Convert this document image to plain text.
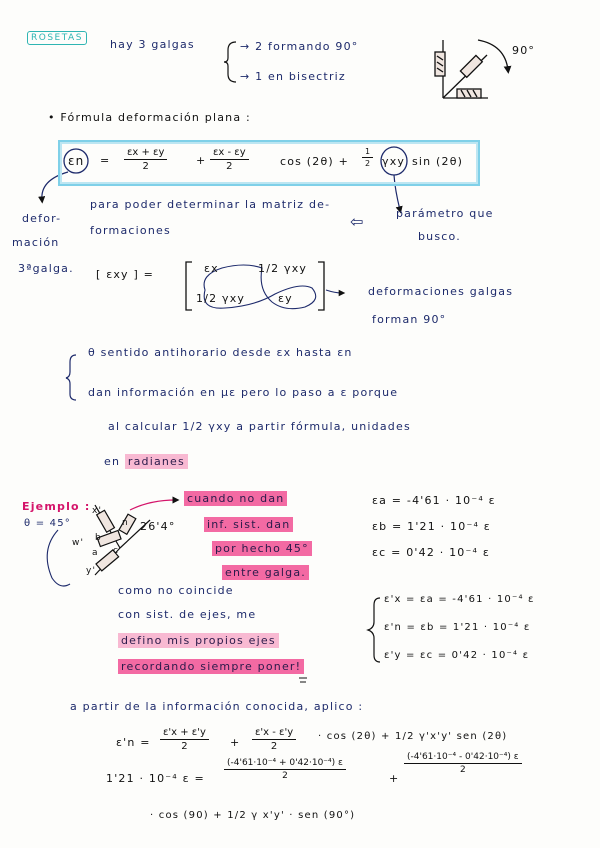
ROSETAS	hay 3 galgas	→ 2 formando 90°
→ 1 en bisectriz
90°
• Fórmula deformación plana :
$\varepsilon n = \frac{\varepsilon x + \varepsilon y}{2}$	+ $\frac{\varepsilon x - \varepsilon y}{2}$	$\cos (2\theta) + \frac{1}{2}$ γxy sin (2θ)
defor-
mación
3ªgalga.
para poder determinar la matriz de-
formaciones	⇦	parámetro que
busco.
[ εxy ] =	εx	1/2 γxy
1/2 γxy	εy
deformaciones galgas
forman 90°
θ sentido antihorario desde εx hasta εn
dan información en με pero lo paso a ε porque
al calcular 1/2 γxy a partir fórmula, unidades
en radianes
Ejemplo :
θ = 45°	26'4°
n
b
a c
x'
w'
y'
cuando no dan
inf. sist. dan
por hecho 45°
entre galga.
εa = -4'61 · 10⁻⁴ ε
εb = 1'21 · 10⁻⁴ ε
εc = 0'42 · 10⁻⁴ ε
como no coincide
con sist. de ejes, me
defino mis propios ejes
recordando siempre poner!
ε'x = εa = -4'61 · 10⁻⁴ ε
ε'n = εb = 1'21 · 10⁻⁴ ε
ε'y = εc = 0'42 · 10⁻⁴ ε
a partir de la información conocida, aplico :
$\varepsilon'n = \frac{\varepsilon'x + \varepsilon'y}{2} + \frac{\varepsilon'x - \varepsilon'y}{2} \cdot \cos (2\theta) + 1/2$ γ'x'y' sen (2θ)
1'21 · 10⁻⁴ $\varepsilon = \frac{\text{(-4'61·10⁻⁴ + 0'42·10⁻⁴) ε}}{2}$	+
$\frac{\text{(-4'61·10⁻⁴ - 0'42·10⁻⁴) ε}}{2}$
· cos (90) + 1/2 γ x'y' · sen (90°)
